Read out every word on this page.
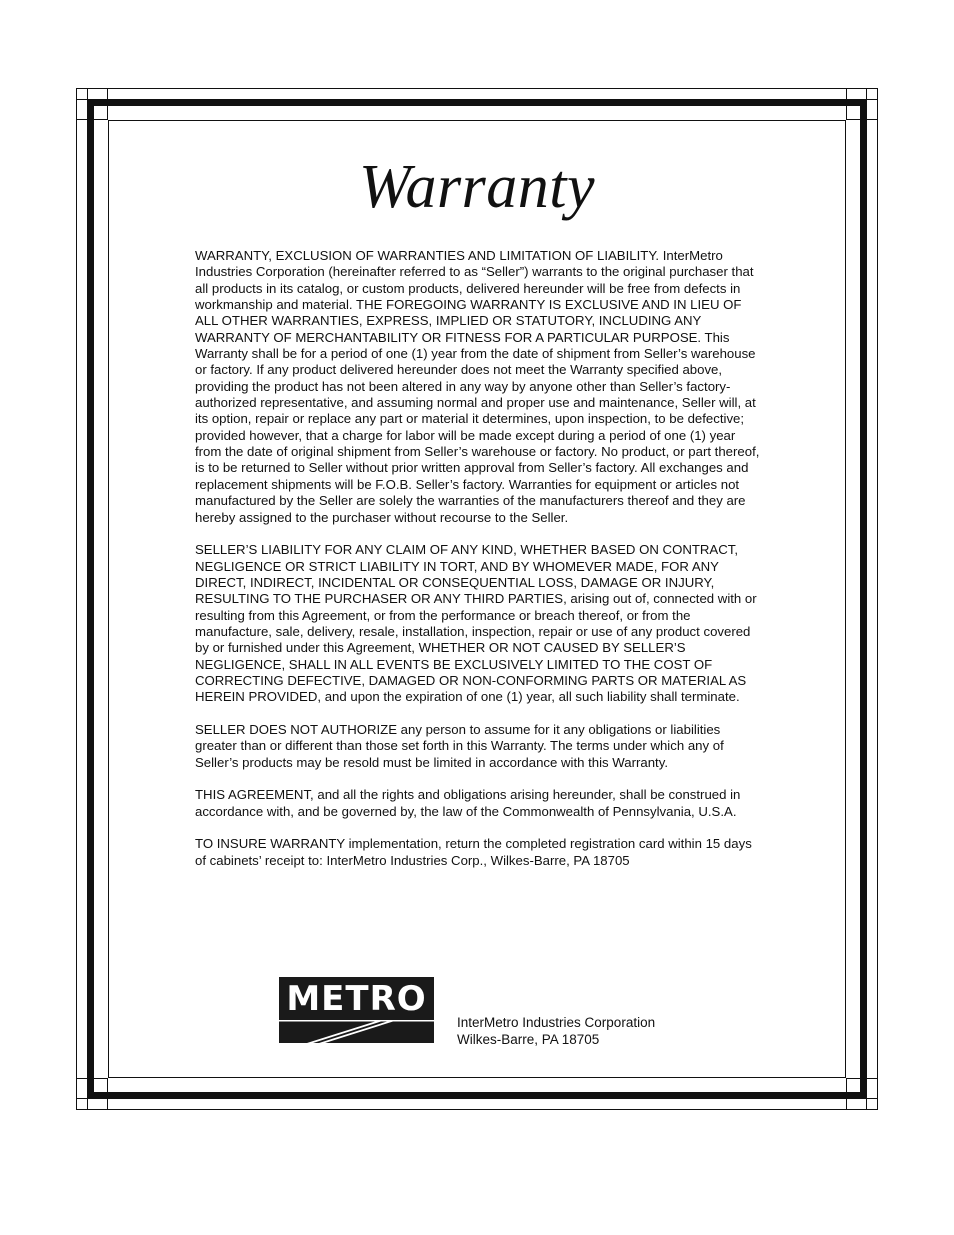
Warranty

WARRANTY, EXCLUSION OF WARRANTIES AND LIMITATION OF LIABILITY. InterMetro Industries Corporation (hereinafter referred to as “Seller”) warrants to the original purchaser that all products in its catalog, or custom products, delivered hereunder will be free from defects in workmanship and material. THE FOREGOING WARRANTY IS EXCLUSIVE AND IN LIEU OF ALL OTHER WARRANTIES, EXPRESS, IMPLIED OR STATUTORY, INCLUDING ANY WARRANTY OF MERCHANTABILITY OR FITNESS FOR A PARTICULAR PURPOSE. This Warranty shall be for a period of one (1) year from the date of shipment from Seller’s warehouse or factory. If any product delivered hereunder does not meet the Warranty specified above, providing the product has not been altered in any way by anyone other than Seller’s factory-authorized representative, and assuming normal and proper use and maintenance, Seller will, at its option, repair or replace any part or material it determines, upon inspection, to be defective; provided however, that a charge for labor will be made except during a period of one (1) year from the date of original shipment from Seller’s warehouse or factory. No product, or part thereof, is to be returned to Seller without prior written approval from Seller’s factory. All exchanges and replacement shipments will be F.O.B. Seller’s factory. Warranties for equipment or articles not manufactured by the Seller are solely the warranties of the manufacturers thereof and they are hereby assigned to the purchaser without recourse to the Seller.

SELLER’S LIABILITY FOR ANY CLAIM OF ANY KIND, WHETHER BASED ON CONTRACT, NEGLIGENCE OR STRICT LIABILITY IN TORT, AND BY WHOMEVER MADE, FOR ANY DIRECT, INDIRECT, INCIDENTAL OR CONSEQUENTIAL LOSS, DAMAGE OR INJURY, RESULTING TO THE PURCHASER OR ANY THIRD PARTIES, arising out of, connected with or resulting from this Agreement, or from the performance or breach thereof, or from the manufacture, sale, delivery, resale, installation, inspection, repair or use of any product covered by or furnished under this Agreement, WHETHER OR NOT CAUSED BY SELLER’S NEGLIGENCE, SHALL IN ALL EVENTS BE EXCLUSIVELY LIMITED TO THE COST OF CORRECTING DEFECTIVE, DAMAGED OR NON-CONFORMING PARTS OR MATERIAL AS HEREIN PROVIDED, and upon the expiration of one (1) year, all such liability shall terminate.

SELLER DOES NOT AUTHORIZE any person to assume for it any obligations or liabilities greater than or different than those set forth in this Warranty. The terms under which any of Seller’s products may be resold must be limited in accordance with this Warranty.

THIS AGREEMENT, and all the rights and obligations arising hereunder, shall be construed in accordance with, and be governed by, the law of the Commonwealth of Pennsylvania, U.S.A.

TO INSURE WARRANTY implementation, return the completed registration card within 15 days of cabinets’ receipt to: InterMetro Industries Corp., Wilkes-Barre, PA 18705

METRO
InterMetro Industries Corporation
Wilkes-Barre, PA 18705
